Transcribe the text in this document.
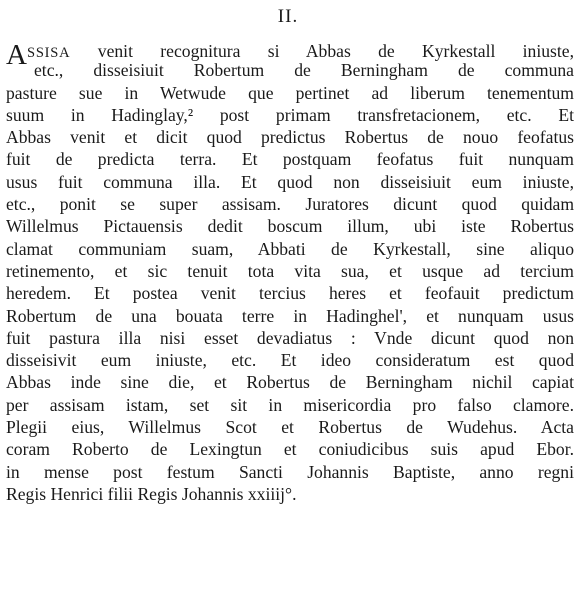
II.
ASSISA venit recognitura si Abbas de Kyrkestall iniuste,
etc., disseisiuit Robertum de Berningham de communa
pasture sue in Wetwude que pertinet ad liberum tenementum
suum in Hadinglay,² post primam transfretacionem, etc. Et
Abbas venit et dicit quod predictus Robertus de nouo feofatus
fuit de predicta terra. Et postquam feofatus fuit nunquam
usus fuit communa illa. Et quod non disseisiuit eum iniuste,
etc., ponit se super assisam. Juratores dicunt quod quidam
Willelmus Pictauensis dedit boscum illum, ubi iste Robertus
clamat communiam suam, Abbati de Kyrkestall, sine aliquo
retinemento, et sic tenuit tota vita sua, et usque ad tercium
heredem. Et postea venit tercius heres et feofauit predictum
Robertum de una bouata terre in Hadinghel', et nunquam usus
fuit pastura illa nisi esset devadiatus : Vnde dicunt quod non
disseisivit eum iniuste, etc. Et ideo consideratum est quod
Abbas inde sine die, et Robertus de Berningham nichil capiat
per assisam istam, set sit in misericordia pro falso clamore.
Plegii eius, Willelmus Scot et Robertus de Wudehus. Acta
coram Roberto de Lexingtun et coniudicibus suis apud Ebor.
in mense post festum Sancti Johannis Baptiste, anno regni
Regis Henrici filii Regis Johannis xxiiij°.
